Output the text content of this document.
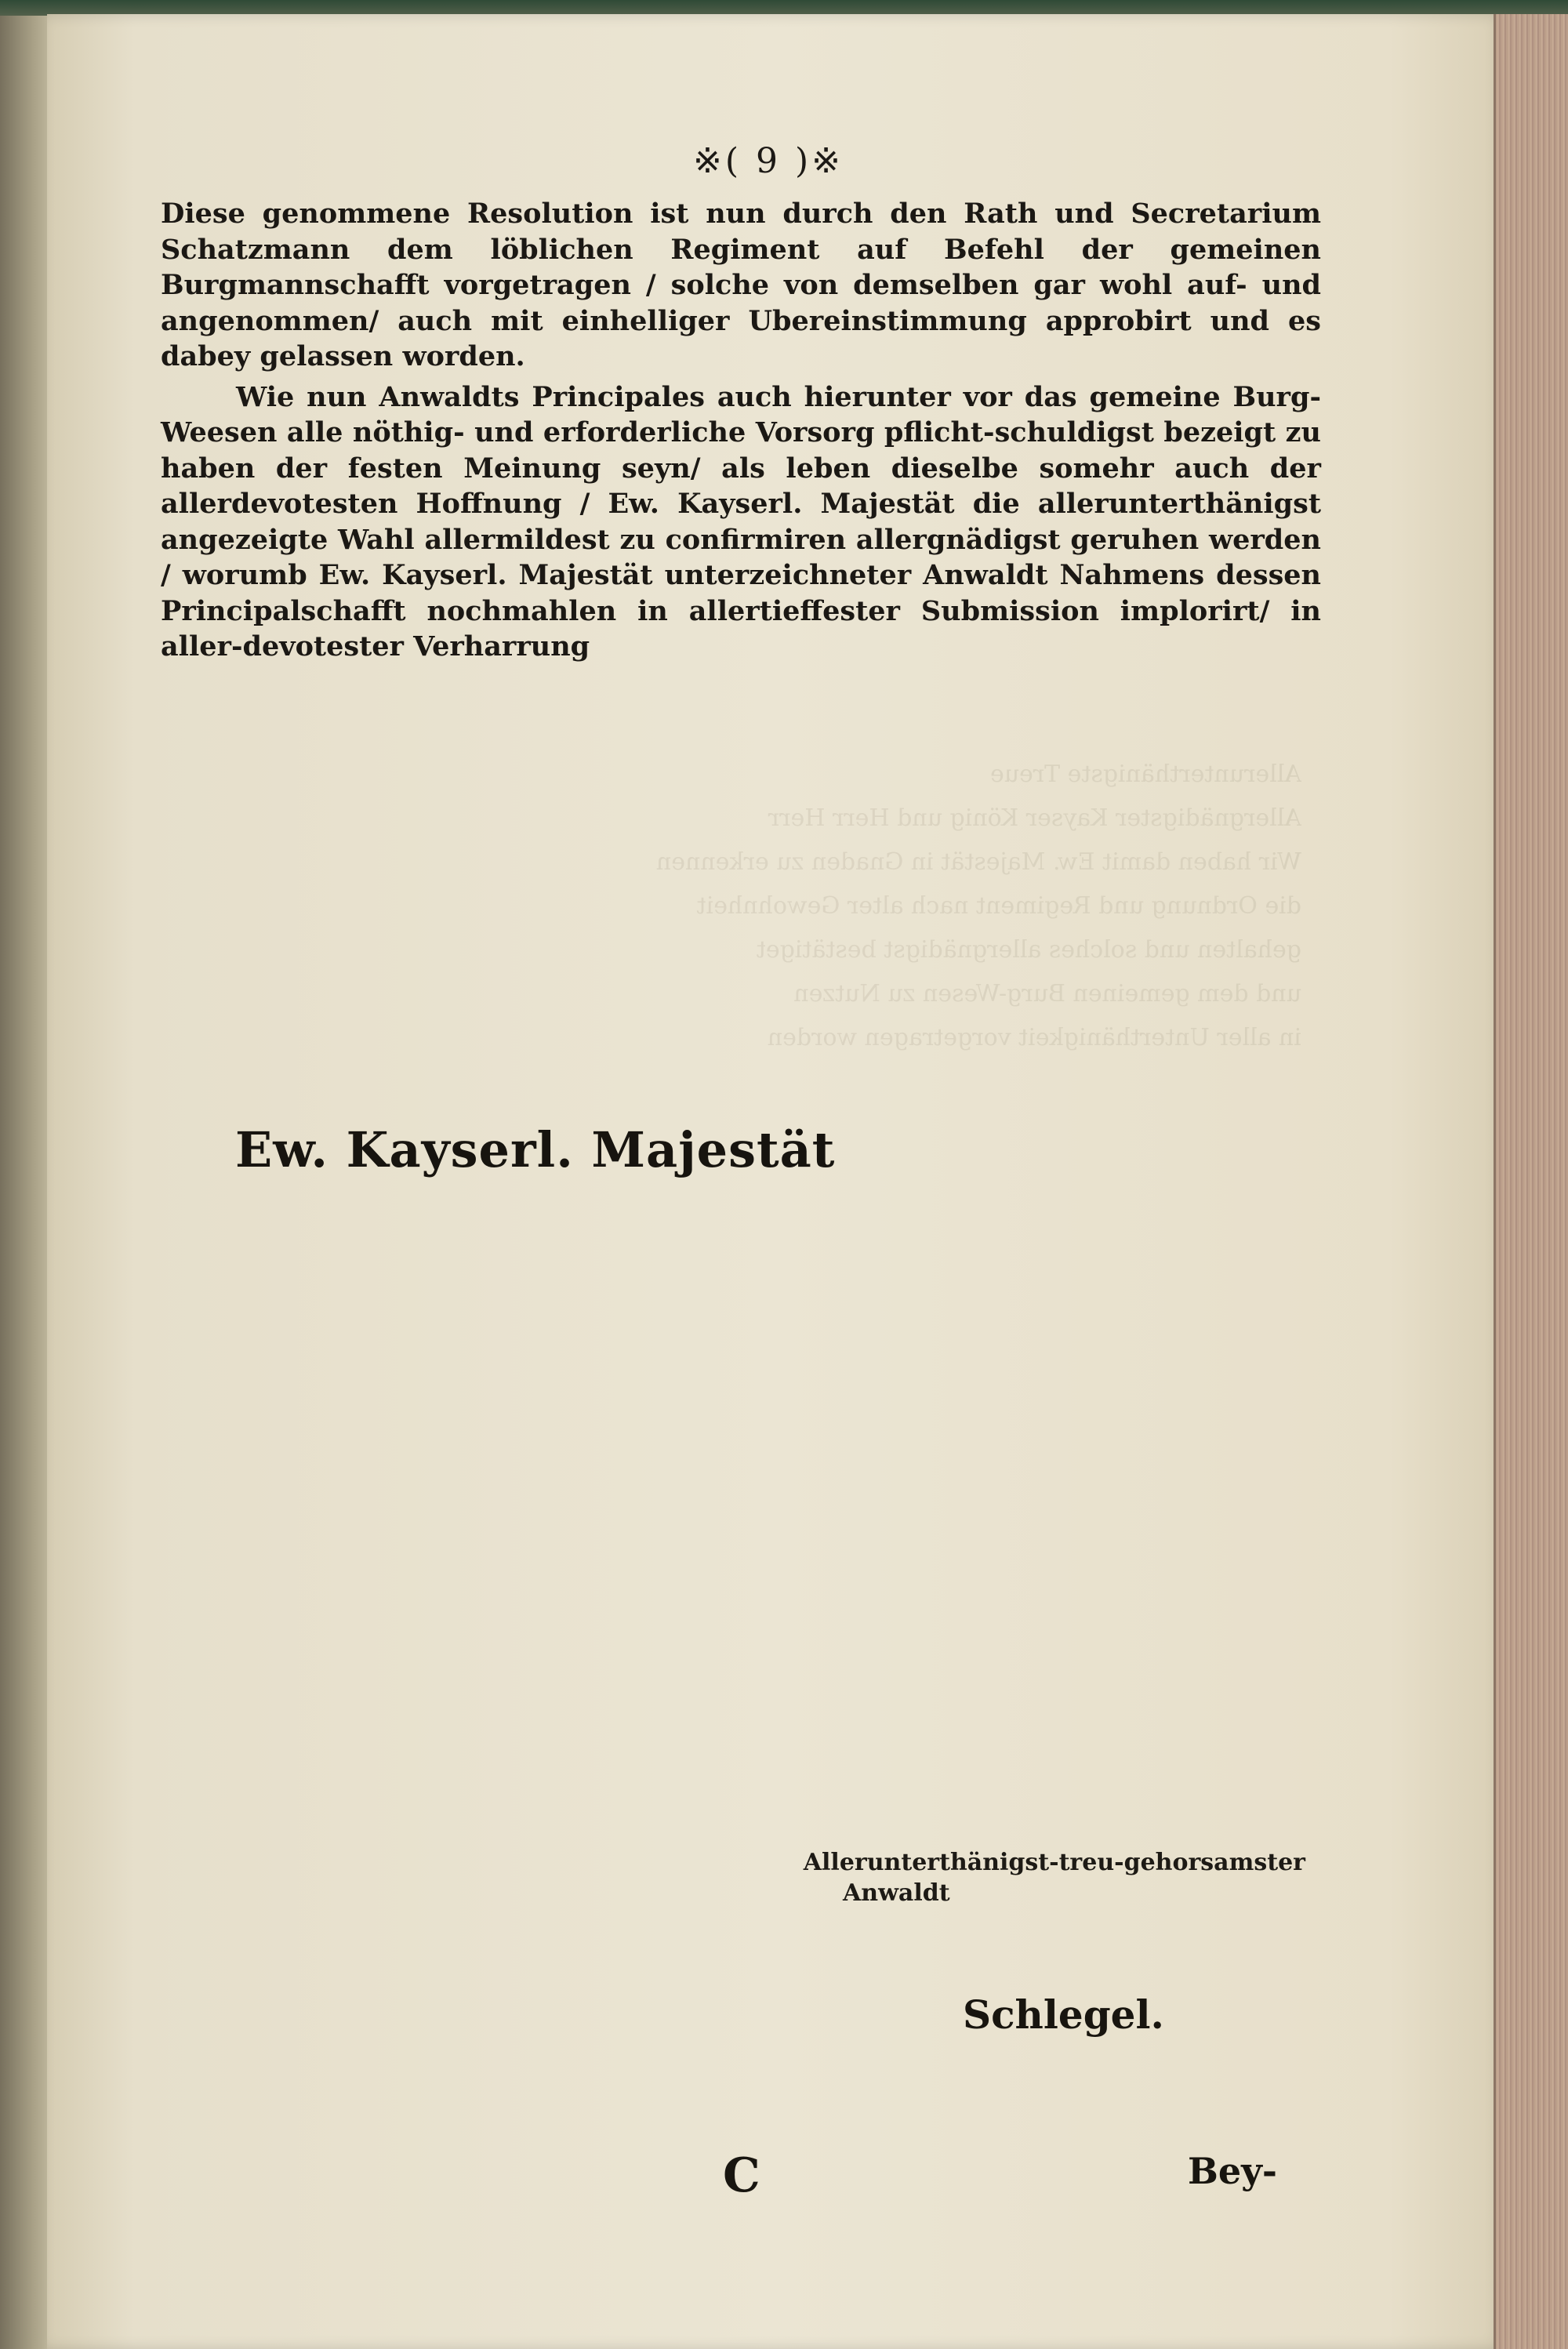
Allerunterthänigste Treue
Allergnädigster Kayser König und Herr Herr
Wir haben damit Ew. Majestät in Gnaden zu erkennen
die Ordnung und Regiment nach alter Gewohnheit
gehalten und solches allergnädigst bestätiget
und dem gemeinen Burg-Wesen zu Nutzen
in aller Unterthänigkeit vorgetragen worden
※( 9 )※

Diese genommene Resolution ist nun durch den Rath und Secretarium Schatzmann dem löblichen Regiment auf Befehl der gemeinen Burgmannschafft vorgetragen / solche von demselben gar wohl auf- und angenommen/ auch mit einhelliger Ubereinstimmung approbirt und es dabey gelassen worden.

Wie nun Anwaldts Principales auch hierunter vor das gemeine Burg-Weesen alle nöthig- und erforderliche Vorsorg pflicht-schuldigst bezeigt zu haben der festen Meinung seyn/ als leben dieselbe somehr auch der allerdevotesten Hoffnung / Ew. Kayserl. Majestät die allerunterthänigst angezeigte Wahl allermildest zu confirmiren allergnädigst geruhen werden / worumb Ew. Kayserl. Majestät unterzeichneter Anwaldt Nahmens dessen Principalschafft nochmahlen in allertieffester Submission implorirt/ in aller-devotester Verharrung

Ew. Kayserl. Majestät
Allerunterthänigst-treu-gehorsamster
Anwaldt
Schlegel.
C	Bey-
